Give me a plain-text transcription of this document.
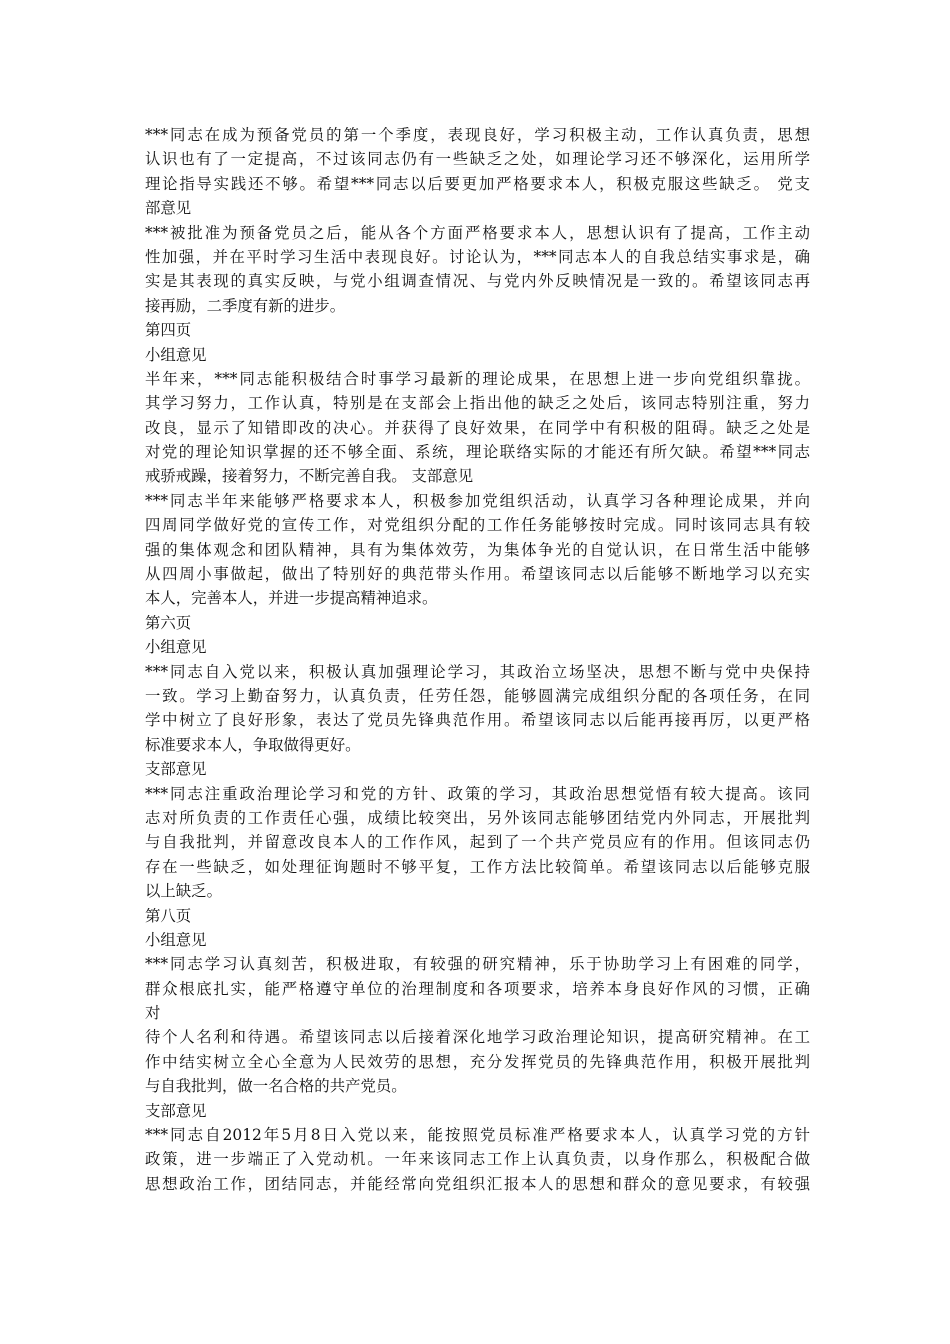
***同志在成为预备党员的第一个季度，表现良好，学习积极主动，工作认真负责，思想
认识也有了一定提高，不过该同志仍有一些缺乏之处，如理论学习还不够深化，运用所学
理论指导实践还不够。希望***同志以后要更加严格要求本人，积极克服这些缺乏。 党支
部意见
***被批准为预备党员之后，能从各个方面严格要求本人，思想认识有了提高，工作主动
性加强，并在平时学习生活中表现良好。讨论认为，***同志本人的自我总结实事求是，确
实是其表现的真实反映，与党小组调查情况、与党内外反映情况是一致的。希望该同志再
接再励，二季度有新的进步。
第四页
小组意见
半年来，***同志能积极结合时事学习最新的理论成果，在思想上进一步向党组织靠拢。
其学习努力，工作认真，特别是在支部会上指出他的缺乏之处后，该同志特别注重，努力
改良，显示了知错即改的决心。并获得了良好效果，在同学中有积极的阻碍。缺乏之处是
对党的理论知识掌握的还不够全面、系统，理论联络实际的才能还有所欠缺。希望***同志
戒骄戒躁，接着努力，不断完善自我。 支部意见
***同志半年来能够严格要求本人，积极参加党组织活动，认真学习各种理论成果，并向
四周同学做好党的宣传工作，对党组织分配的工作任务能够按时完成。同时该同志具有较
强的集体观念和团队精神，具有为集体效劳，为集体争光的自觉认识，在日常生活中能够
从四周小事做起，做出了特别好的典范带头作用。希望该同志以后能够不断地学习以充实
本人，完善本人，并进一步提高精神追求。
第六页
小组意见
***同志自入党以来，积极认真加强理论学习，其政治立场坚决，思想不断与党中央保持
一致。学习上勤奋努力，认真负责，任劳任怨，能够圆满完成组织分配的各项任务，在同
学中树立了良好形象，表达了党员先锋典范作用。希望该同志以后能再接再厉，以更严格
标准要求本人，争取做得更好。
支部意见
***同志注重政治理论学习和党的方针、政策的学习，其政治思想觉悟有较大提高。该同
志对所负责的工作责任心强，成绩比较突出，另外该同志能够团结党内外同志，开展批判
与自我批判，并留意改良本人的工作作风，起到了一个共产党员应有的作用。但该同志仍
存在一些缺乏，如处理征询题时不够平复，工作方法比较简单。希望该同志以后能够克服
以上缺乏。
第八页
小组意见
***同志学习认真刻苦，积极进取，有较强的研究精神，乐于协助学习上有困难的同学，
群众根底扎实，能严格遵守单位的治理制度和各项要求，培养本身良好作风的习惯，正确
对
待个人名利和待遇。希望该同志以后接着深化地学习政治理论知识，提高研究精神。在工
作中结实树立全心全意为人民效劳的思想，充分发挥党员的先锋典范作用，积极开展批判
与自我批判，做一名合格的共产党员。
支部意见
***同志自2012年5月8日入党以来，能按照党员标准严格要求本人，认真学习党的方针
政策，进一步端正了入党动机。一年来该同志工作上认真负责，以身作那么，积极配合做
思想政治工作，团结同志，并能经常向党组织汇报本人的思想和群众的意见要求，有较强
